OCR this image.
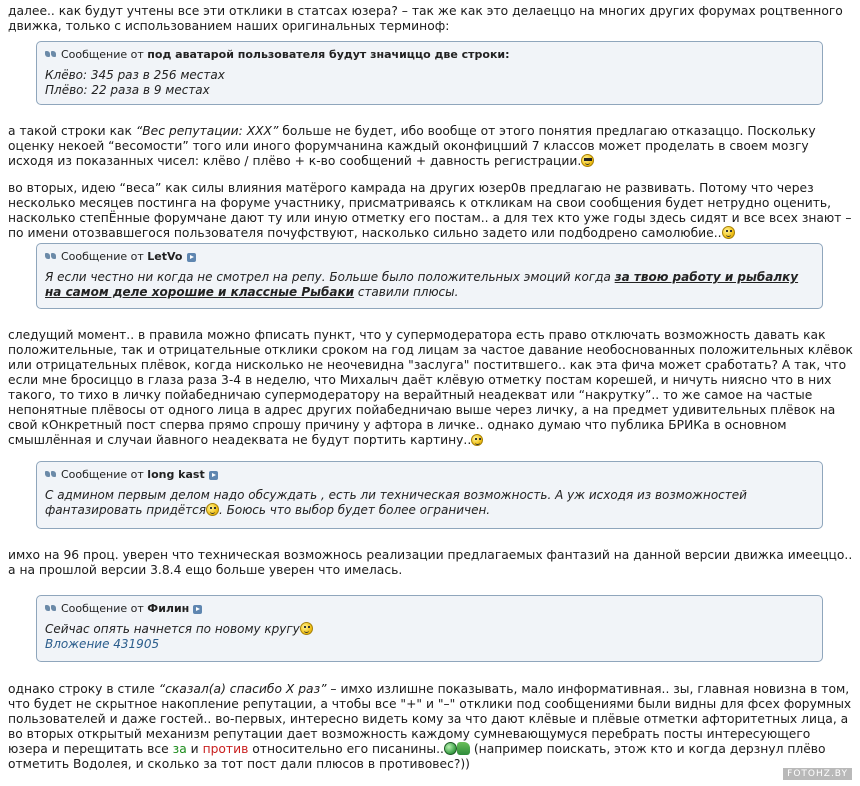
далее.. как будут учтены все эти отклики в статсах юзера? – так же как это делаеццо на многих других форумах роцтвенного движка, только с использованием наших оригинальных терминоф:

Сообщение от
под аватарой пользователя будут значиццо две строки:
Клёво: 345 раз в 256 местах
Плёво: 22 раза в 9 местах

а такой строки как “Вес репутации: ХХХ” больше не будет, ибо вообще от этого понятия предлагаю отказаццо. Поскольку оценку некоей “весомости” того или иного форумчанина каждый оконфицший 7 классов может проделать в своем мозгу исходя из показанных чисел: клёво / плёво + к-во сообщений + давность регистрации.

во вторых, идею “веса” как силы влияния матёрого камрада на других юзер0в предлагаю не развивать. Потому что через несколько месяцев постинга на форуме участнику, присматриваясь к откликам на свои сообщения будет нетрудно оценить, насколько степЁнные форумчане дают ту или иную отметку его постам.. а для тех кто уже годы здесь сидят и все всех знают – по имени отозвавшегося пользователя почуфствуют, насколько сильно задето или подбодрено самолюбие..

Сообщение от
LetVo
Я если честно ни когда не смотрел на репу. Больше было положительных эмоций когда за твою работу и рыбалку на самом деле хорошие и классные Рыбаки ставили плюсы.

следущий момент.. в правила можно фписать пункт, что у супермодератора есть право отключать возможность давать как положительные, так и отрицательные отклики сроком на год лицам за частое давание необоснованных положительных клёвок или отрицательных плёвок, когда нисколько не неочевидна "заслуга" поститвшего.. как эта фича может сработать? А так, что если мне бросиццо в глаза раза 3-4 в неделю, что Михалыч даёт клёвую отметку постам корешей, и ничуть ниясно что в них такого, то тихо в личку пойабедничаю супермодератору на верайтный неадекват или “накрутку”.. то же самое на частые непонятные плёвосы от одного лица в адрес других пойабедничаю выше через личку, а на предмет удивительных плёвок на свой кОнкретный пост сперва прямо спрошу причину у афтора в личке.. однако думаю что публика БРИКа в основном смышлённая и случаи йавного неадеквата не будут портить картину..

Сообщение от
long kast
С админом первым делом надо обсуждать , есть ли техническая возможность. А уж исходя из возможностей фантазировать придётся . Боюсь что выбор будет более ограничен.

имхо на 96 проц. уверен что техническая возможнось реализации предлагаемых фантазий на данной версии движка имееццо.. а на прошлой версии 3.8.4 ещо больше уверен что имелась.

Сообщение от
Филин
Сейчас опять начнется по новому кругу
Вложение 431905

однако строку в стиле “сказал(а) спасибо Х раз” – имхо излишне показывать, мало информативная.. зы, главная новизна в том, что будет не скрытное накопление репутации, а чтобы все "+" и "–" отклики под сообщениями были видны для фсех форумных пользователей и даже гостей.. во-первых, интересно видеть кому за что дают клёвые и плёвые отметки афторитетных лица, а во вторых открытый механизм репутации дает возможность каждому сумневающумуся перебрать посты интересующего юзера и перещитать все за и против относительно его писанины.. (например поискать, этож кто и когда дерзнул плёво отметить Водолея, и сколько за тот пост дали плюсов в противовес?))

FOTOHZ.BY
